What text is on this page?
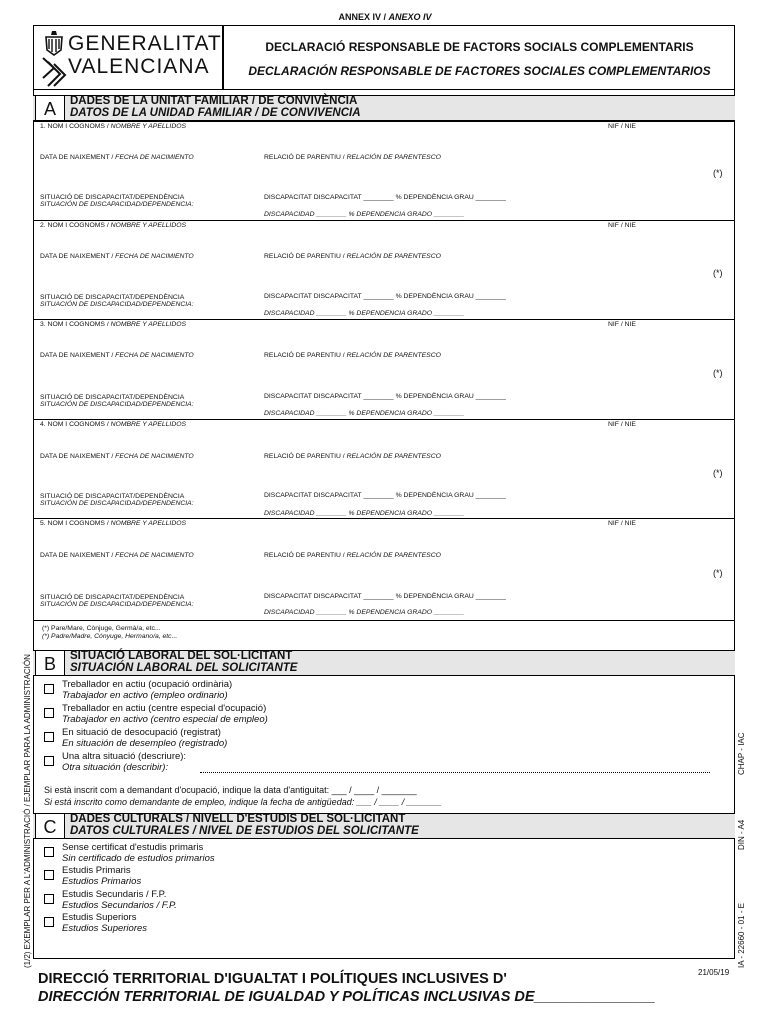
ANNEX IV / ANEXO IV
GENERALITAT
VALENCIANA
DECLARACIÓ RESPONSABLE DE FACTORS SOCIALS COMPLEMENTARIS
DECLARACIÓN RESPONSABLE DE FACTORES SOCIALES COMPLEMENTARIOS
A	DADES DE LA UNITAT FAMILIAR / DE CONVIVÈNCIA
DATOS DE LA UNIDAD FAMILIAR / DE CONVIVENCIA
1. NOM I COGNOMS / NOMBRE Y APELLIDOS	NIF / NIE
DATA DE NAIXEMENT / FECHA DE NACIMIENTO	RELACIÓ DE PARENTIU / RELACIÓN DE PARENTESCO
(*)
SITUACIÓ DE DISCAPACITAT/DEPENDÈNCIA
SITUACIÓN DE DISCAPACIDAD/DEPENDENCIA:
DISCAPACITAT DISCAPACITAT ________ % DEPENDÈNCIA GRAU ________
DISCAPACIDAD ________ % DEPENDENCIA GRADO ________
2. NOM I COGNOMS / NOMBRE Y APELLIDOS	NIF / NIE
DATA DE NAIXEMENT / FECHA DE NACIMIENTO	RELACIÓ DE PARENTIU / RELACIÓN DE PARENTESCO
(*)
SITUACIÓ DE DISCAPACITAT/DEPENDÈNCIA
SITUACIÓN DE DISCAPACIDAD/DEPENDENCIA:
DISCAPACITAT DISCAPACITAT ________ % DEPENDÈNCIA GRAU ________
DISCAPACIDAD ________ % DEPENDENCIA GRADO ________
3. NOM I COGNOMS / NOMBRE Y APELLIDOS	NIF / NIE
DATA DE NAIXEMENT / FECHA DE NACIMIENTO	RELACIÓ DE PARENTIU / RELACIÓN DE PARENTESCO
(*)
SITUACIÓ DE DISCAPACITAT/DEPENDÈNCIA
SITUACIÓN DE DISCAPACIDAD/DEPENDENCIA:
DISCAPACITAT DISCAPACITAT ________ % DEPENDÈNCIA GRAU ________
DISCAPACIDAD ________ % DEPENDENCIA GRADO ________
4. NOM I COGNOMS / NOMBRE Y APELLIDOS	NIF / NIE
DATA DE NAIXEMENT / FECHA DE NACIMIENTO	RELACIÓ DE PARENTIU / RELACIÓN DE PARENTESCO
(*)
SITUACIÓ DE DISCAPACITAT/DEPENDÈNCIA
SITUACIÓN DE DISCAPACIDAD/DEPENDENCIA:
DISCAPACITAT DISCAPACITAT ________ % DEPENDÈNCIA GRAU ________
DISCAPACIDAD ________ % DEPENDENCIA GRADO ________
5. NOM I COGNOMS / NOMBRE Y APELLIDOS	NIF / NIE
DATA DE NAIXEMENT / FECHA DE NACIMIENTO	RELACIÓ DE PARENTIU / RELACIÓN DE PARENTESCO
(*)
SITUACIÓ DE DISCAPACITAT/DEPENDÈNCIA
SITUACIÓN DE DISCAPACIDAD/DEPENDENCIA:
DISCAPACITAT DISCAPACITAT ________ % DEPENDÈNCIA GRAU ________
DISCAPACIDAD ________ % DEPENDENCIA GRADO ________
(*) Pare/Mare, Cònjuge, Germà/a, etc...
(*) Padre/Madre, Cónyuge, Hermano/a, etc...
B	SITUACIÓ LABORAL DEL SOL·LICITANT
SITUACIÓN LABORAL DEL SOLICITANTE
Treballador en actiu (ocupació ordinària)
Trabajador en activo (empleo ordinario)
Treballador en actiu (centre especial d'ocupació)
Trabajador en activo (centro especial de empleo)
En situació de desocupació (registrat)
En situación de desempleo (registrado)
Una altra situació (descriure):
Otra situación (describir):
Si està inscrit com a demandant d'ocupació, indique la data d'antiguitat: ___ / ____ / _______
Si está inscrito como demandante de empleo, indique la fecha de antigüedad: ___ / ____ / _______
C	DADES CULTURALS / NIVELL D'ESTUDIS DEL SOL·LICITANT
DATOS CULTURALES / NIVEL DE ESTUDIOS DEL SOLICITANTE
Sense certificat d'estudis primaris
Sin certificado de estudios primarios
Estudis Primaris
Estudios Primarios
Estudis Secundaris / F.P.
Estudios Secundarios / F.P.
Estudis Superiors
Estudios Superiores
(1/2) EXEMPLAR PER A L'ADMINISTRACIÓ / EJEMPLAR PARA LA ADMINISTRACIÓN	CHAP - IAC
DIN - A4
IA - 22660 - 01 - E
21/05/19
DIRECCIÓ TERRITORIAL D'IGUALTAT I POLÍTIQUES INCLUSIVES D'
DIRECCIÓN TERRITORIAL DE IGUALDAD Y POLÍTICAS INCLUSIVAS DE_______________
